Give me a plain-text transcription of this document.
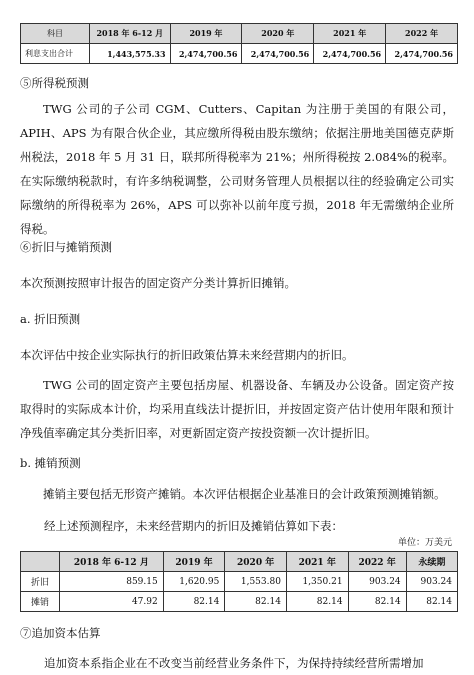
科目	2018 年 6-12 月	2019 年	2020 年	2021 年	2022 年
利息支出合计	1,443,575.33	2,474,700.56	2,474,700.56	2,474,700.56	2,474,700.56

⑤所得税预测

TWG 公司的子公司 CGM、Cutters、Capitan 为注册于美国的有限公司，APIH、APS 为有限合伙企业，其应缴所得税由股东缴纳；依据注册地美国德克萨斯州税法，2018 年 5 月 31 日，联邦所得税率为 21%；州所得税按 2.084%的税率。在实际缴纳税款时，有许多纳税调整，公司财务管理人员根据以往的经验确定公司实际缴纳的所得税率为 26%，APS 可以弥补以前年度亏损，2018 年无需缴纳企业所得税。

⑥折旧与摊销预测

本次预测按照审计报告的固定资产分类计算折旧摊销。

a. 折旧预测

本次评估中按企业实际执行的折旧政策估算未来经营期内的折旧。

TWG 公司的固定资产主要包括房屋、机器设备、车辆及办公设备。固定资产按取得时的实际成本计价，均采用直线法计提折旧，并按固定资产估计使用年限和预计净残值率确定其分类折旧率，对更新固定资产按投资额一次计提折旧。

b. 摊销预测

摊销主要包括无形资产摊销。本次评估根据企业基准日的会计政策预测摊销额。

经上述预测程序，未来经营期内的折旧及摊销估算如下表：

单位：万美元

	2018 年 6-12 月	2019 年	2020 年	2021 年	2022 年	永续期
折旧	859.15	1,620.95	1,553.80	1,350.21	903.24	903.24
摊销	47.92	82.14	82.14	82.14	82.14	82.14

⑦追加资本估算

追加资本系指企业在不改变当前经营业务条件下，为保持持续经营所需增加
